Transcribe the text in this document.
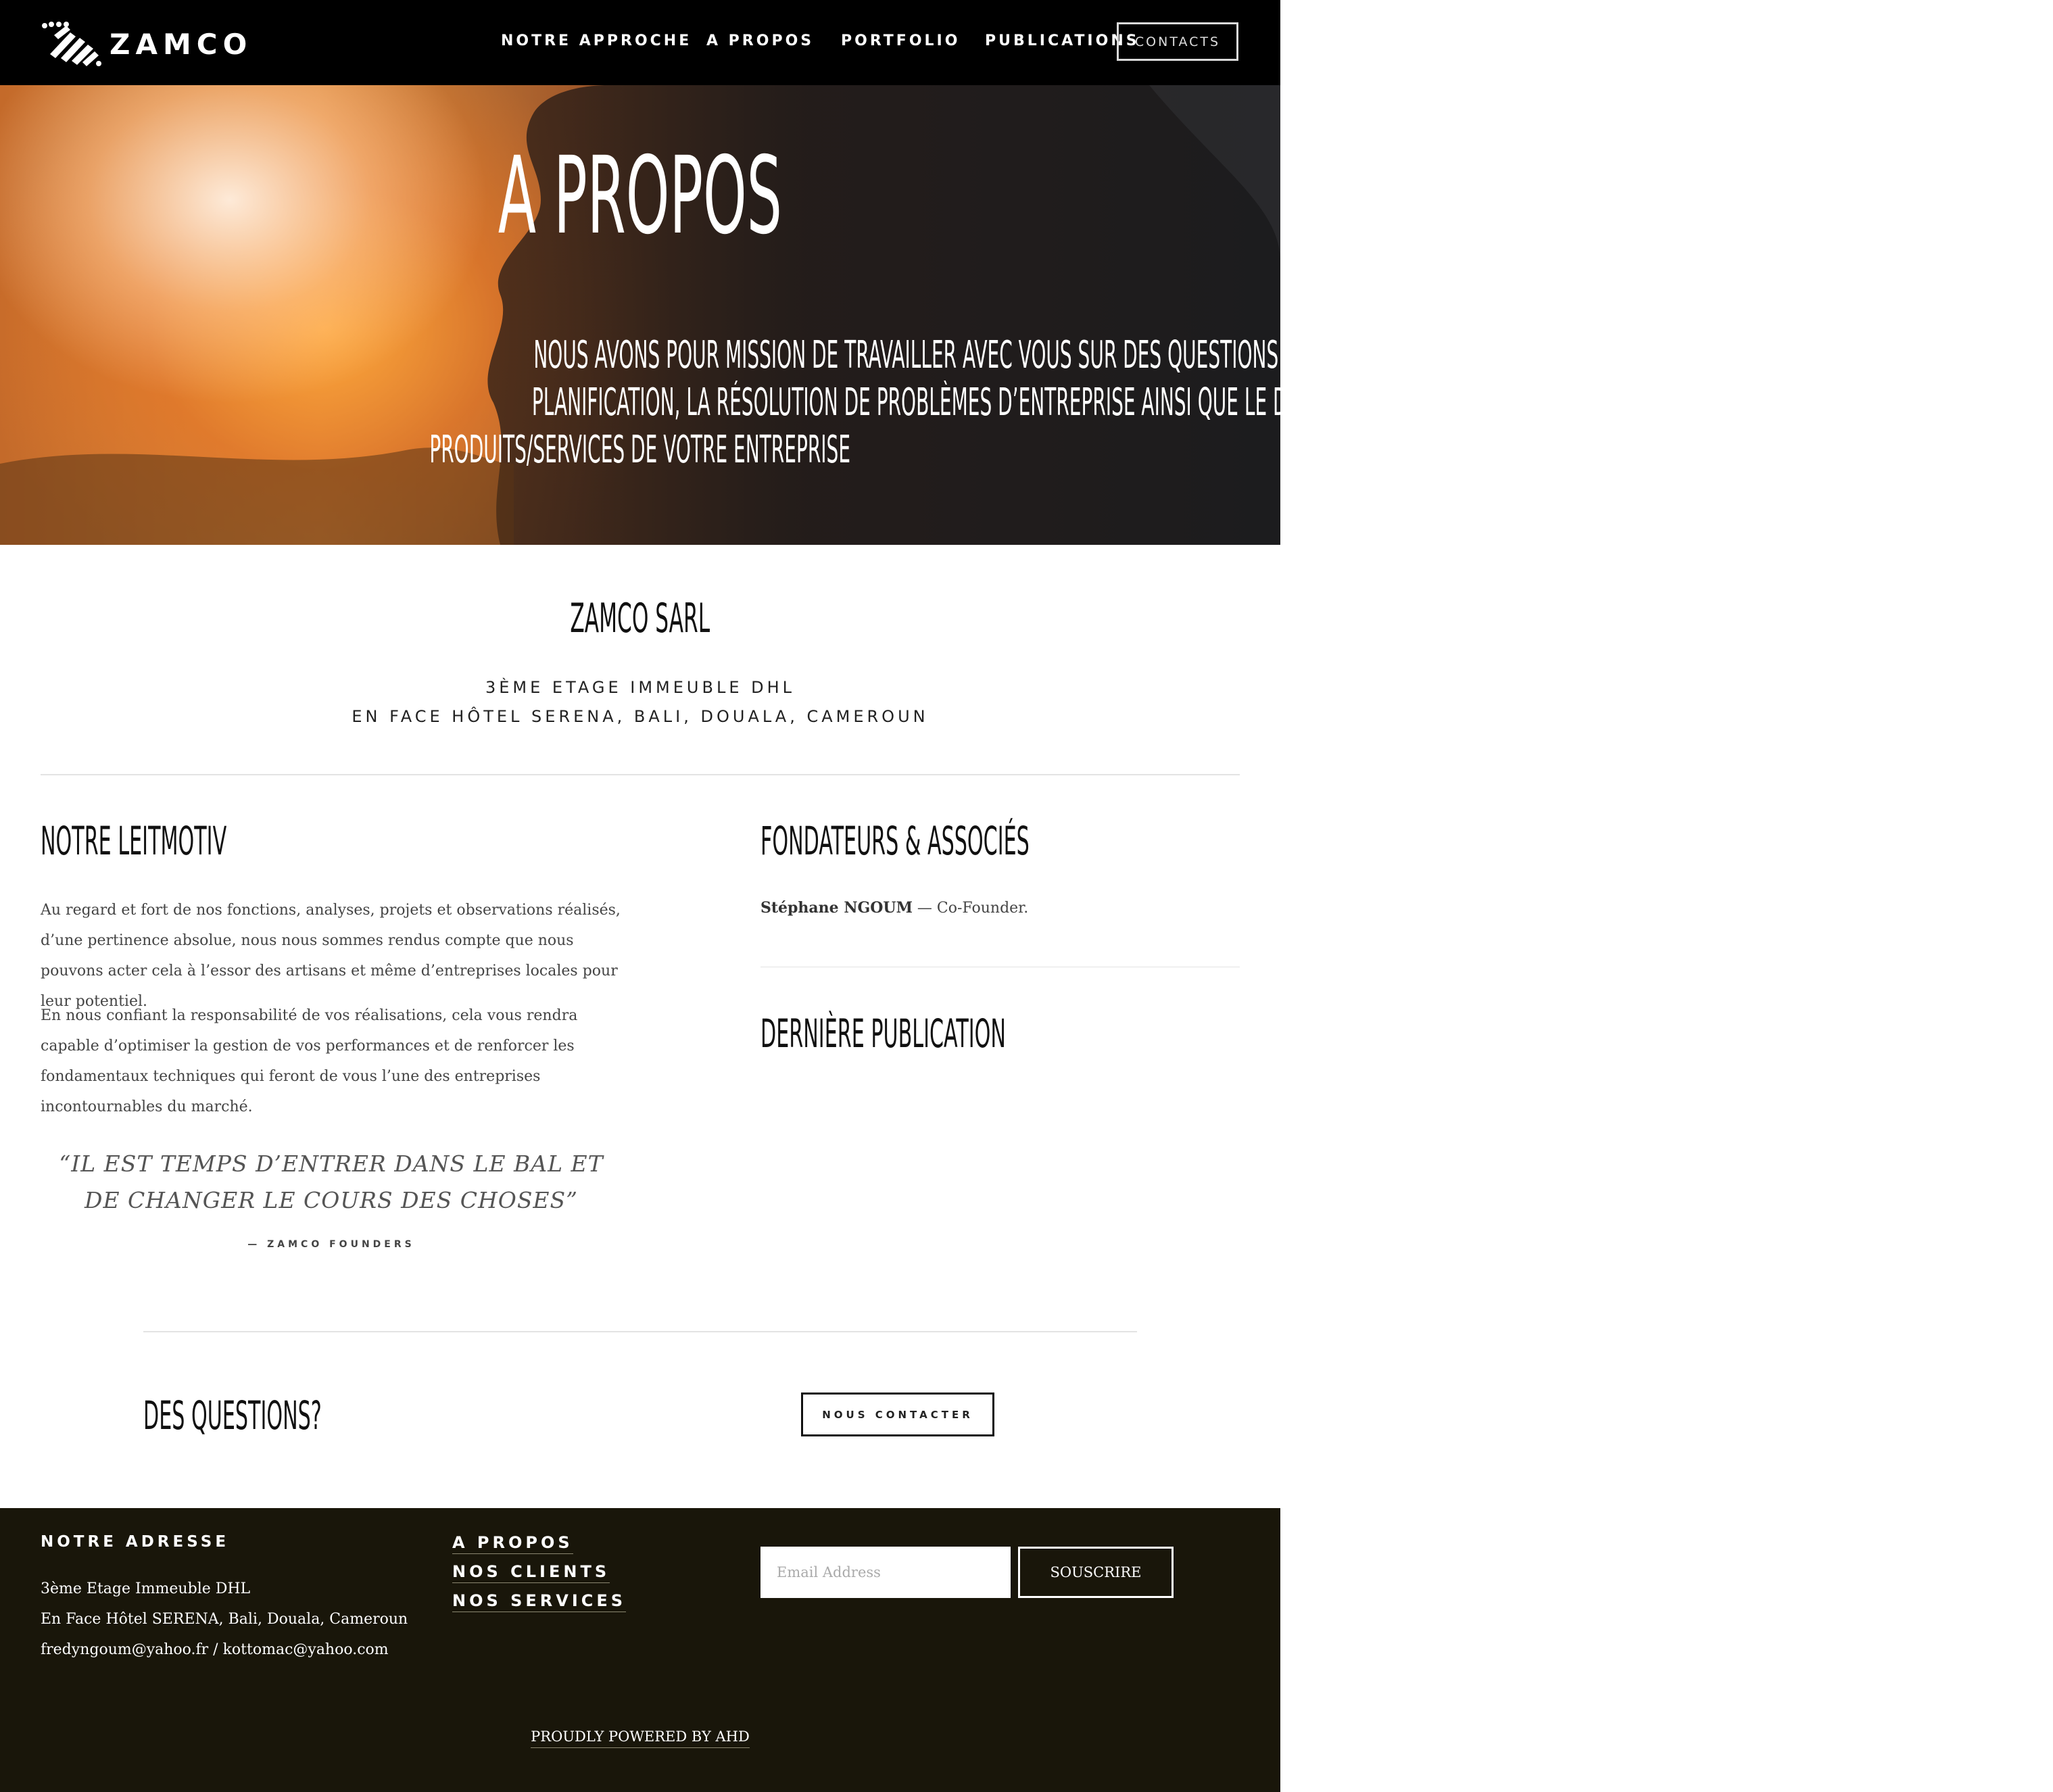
ZAMCO	NOTRE APPROCHE A PROPOS PORTFOLIO PUBLICATIONS
CONTACTS
A PROPOS
NOUS AVONS POUR MISSION DE TRAVAILLER AVEC VOUS SUR DES QUESTIONS D’ORDRE STRATÉGIQUE, LA
PLANIFICATION, LA RÉSOLUTION DE PROBLÈMES D’ENTREPRISE AINSI QUE LE DÉPLOIMENT EFFICIENT DES
PRODUITS/SERVICES DE VOTRE ENTREPRISE
ZAMCO SARL
3ÈME ETAGE IMMEUBLE DHL
EN FACE HÔTEL SERENA, BALI, DOUALA, CAMEROUN
NOTRE LEITMOTIV

Au regard et fort de nos fonctions, analyses, projets et observations réalisés, d’une pertinence absolue, nous nous sommes rendus compte que nous pouvons acter cela à l’essor des artisans et même d’entreprises locales pour leur potentiel.

En nous confiant la responsabilité de vos réalisations, cela vous rendra capable d’optimiser la gestion de vos performances et de renforcer les fondamentaux techniques qui feront de vous l’une des entreprises incontournables du marché.

“IL EST TEMPS D’ENTRER DANS LE BAL ET DE CHANGER LE COURS DES CHOSES”
— ZAMCO FOUNDERS
FONDATEURS & ASSOCIÉS
Stéphane NGOUM — Co-Founder.
DERNIÈRE PUBLICATION
DES QUESTIONS?	NOUS CONTACTER
NOTRE ADRESSE
3ème Etage Immeuble DHL
En Face Hôtel SERENA, Bali, Douala, Cameroun
fredyngoum@yahoo.fr / kottomac@yahoo.com
A PROPOS
NOS CLIENTS
NOS SERVICES
Email Address	SOUSCRIRE
PROUDLY POWERED BY AHD
